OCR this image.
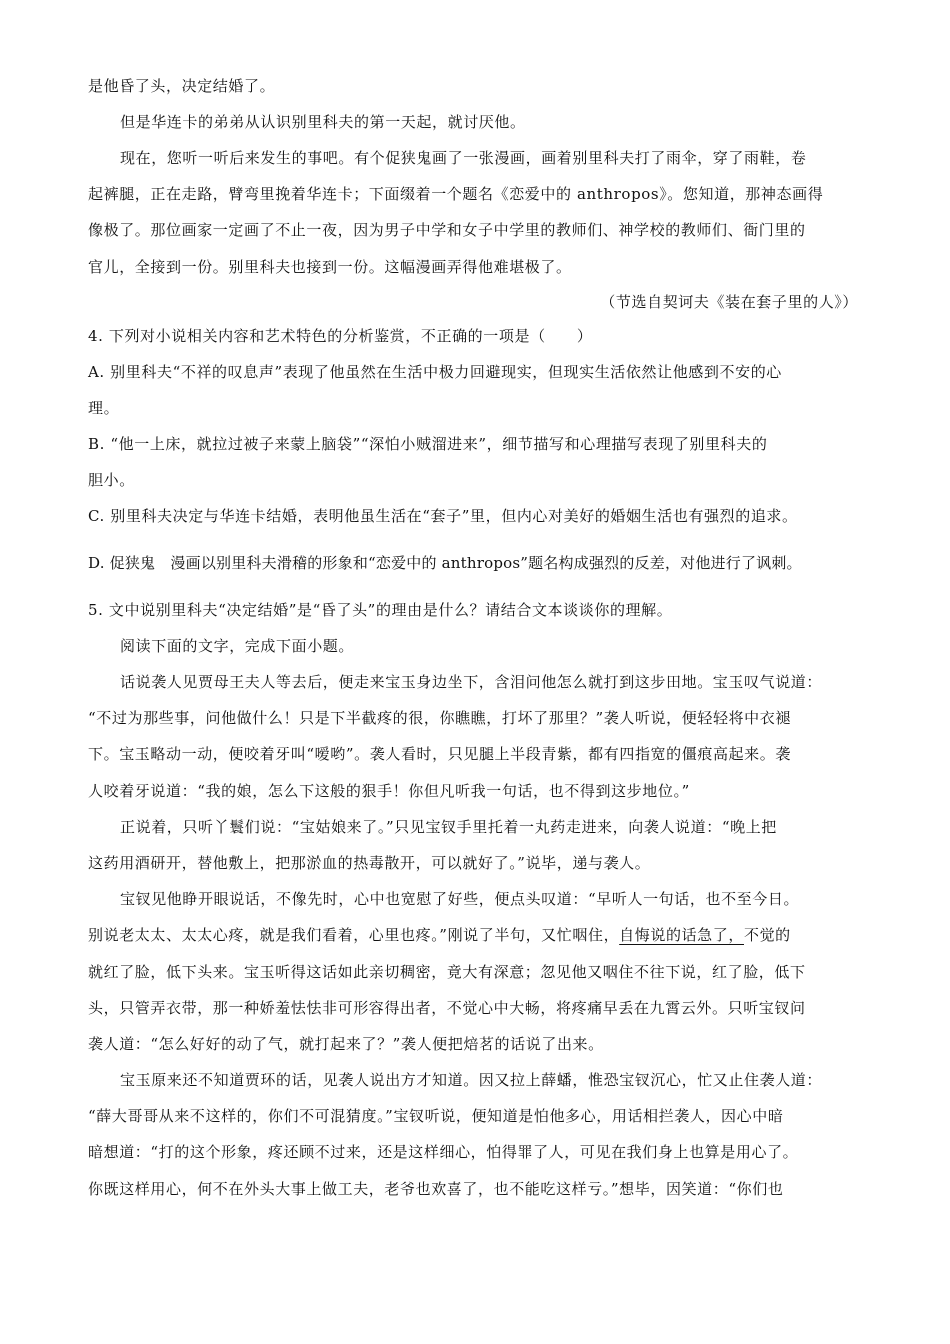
是他昏了头，决定结婚了。
但是华连卡的弟弟从认识别里科夫的第一天起，就讨厌他。
现在，您听一听后来发生的事吧。有个促狭鬼画了一张漫画，画着别里科夫打了雨伞，穿了雨鞋，卷
起裤腿，正在走路，臂弯里挽着华连卡；下面缀着一个题名《恋爱中的 anthropos》。您知道，那神态画得
像极了。那位画家一定画了不止一夜，因为男子中学和女子中学里的教师们、神学校的教师们、衙门里的
官儿，全接到一份。别里科夫也接到一份。这幅漫画弄得他难堪极了。
（节选自契诃夫《装在套子里的人》）
4. 下列对小说相关内容和艺术特色的分析鉴赏，不正确的一项是（　　）
A. 别里科夫“不祥的叹息声”表现了他虽然在生活中极力回避现实，但现实生活依然让他感到不安的心
理。
B. “他一上床，就拉过被子来蒙上脑袋”“深怕小贼溜进来”，细节描写和心理描写表现了别里科夫的
胆小。
C. 别里科夫决定与华连卡结婚，表明他虽生活在“套子”里，但内心对美好的婚姻生活也有强烈的追求。
D. 促狭鬼　漫画以别里科夫滑稽的形象和“恋爱中的 anthropos”题名构成强烈的反差，对他进行了讽刺。
5. 文中说别里科夫“决定结婚”是“昏了头”的理由是什么？请结合文本谈谈你的理解。
阅读下面的文字，完成下面小题。
话说袭人见贾母王夫人等去后，便走来宝玉身边坐下，含泪问他怎么就打到这步田地。宝玉叹气说道：
“不过为那些事，问他做什么！只是下半截疼的很，你瞧瞧，打坏了那里？”袭人听说，便轻轻将中衣褪
下。宝玉略动一动，便咬着牙叫“嗳哟”。袭人看时，只见腿上半段青紫，都有四指宽的僵痕高起来。袭
人咬着牙说道：“我的娘，怎么下这般的狠手！你但凡听我一句话，也不得到这步地位。”
正说着，只听丫鬟们说：“宝姑娘来了。”只见宝钗手里托着一丸药走进来，向袭人说道：“晚上把
这药用酒研开，替他敷上，把那淤血的热毒散开，可以就好了。”说毕，递与袭人。
宝钗见他睁开眼说话，不像先时，心中也宽慰了好些，便点头叹道：“早听人一句话，也不至今日。
别说老太太、太太心疼，就是我们看着，心里也疼。”刚说了半句，又忙咽住，自悔说的话急了，不觉的
就红了脸，低下头来。宝玉听得这话如此亲切稠密，竟大有深意；忽见他又咽住不往下说，红了脸，低下
头，只管弄衣带，那一种娇羞怯怯非可形容得出者，不觉心中大畅，将疼痛早丢在九霄云外。只听宝钗问
袭人道：“怎么好好的动了气，就打起来了？”袭人便把焙茗的话说了出来。
宝玉原来还不知道贾环的话，见袭人说出方才知道。因又拉上薛蟠，惟恐宝钗沉心，忙又止住袭人道：
“薛大哥哥从来不这样的，你们不可混猜度。”宝钗听说，便知道是怕他多心，用话相拦袭人，因心中暗
暗想道：“打的这个形象，疼还顾不过来，还是这样细心，怕得罪了人，可见在我们身上也算是用心了。
你既这样用心，何不在外头大事上做工夫，老爷也欢喜了，也不能吃这样亏。”想毕，因笑道：“你们也
